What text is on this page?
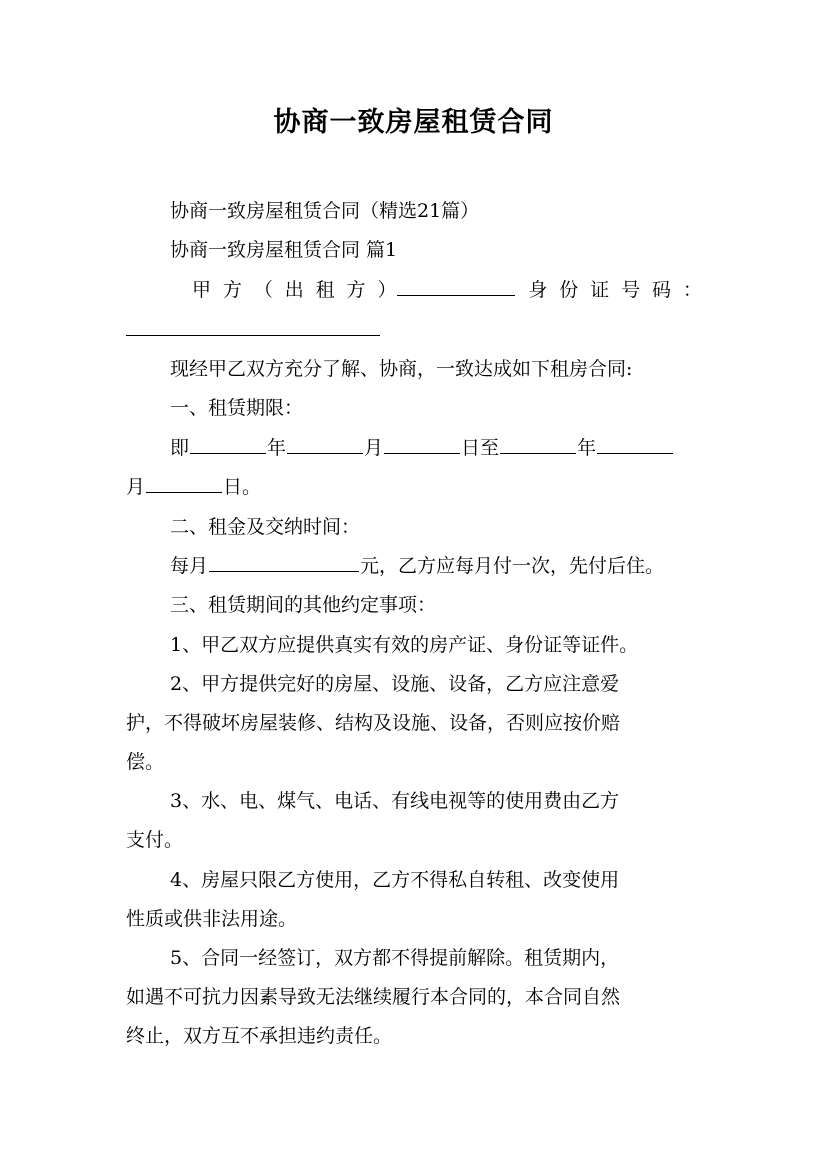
协商一致房屋租赁合同
协商一致房屋租赁合同（精选21篇）
协商一致房屋租赁合同 篇1
甲 方 （ 出 租 方 ）	身 份 证 号 码 ：
现经甲乙双方充分了解、协商，一致达成如下租房合同:
一、租赁期限：
即	年	月	日至	年
月	日。
二、租金及交纳时间：
每月	元，乙方应每月付一次，先付后住。
三、租赁期间的其他约定事项：
1、甲乙双方应提供真实有效的房产证、身份证等证件。
2、甲方提供完好的房屋、设施、设备，乙方应注意爱
护，不得破坏房屋装修、结构及设施、设备，否则应按价赔
偿。
3、水、电、煤气、电话、有线电视等的使用费由乙方
支付。
4、房屋只限乙方使用，乙方不得私自转租、改变使用
性质或供非法用途。
5、合同一经签订，双方都不得提前解除。租赁期内，
如遇不可抗力因素导致无法继续履行本合同的，本合同自然
终止，双方互不承担违约责任。
